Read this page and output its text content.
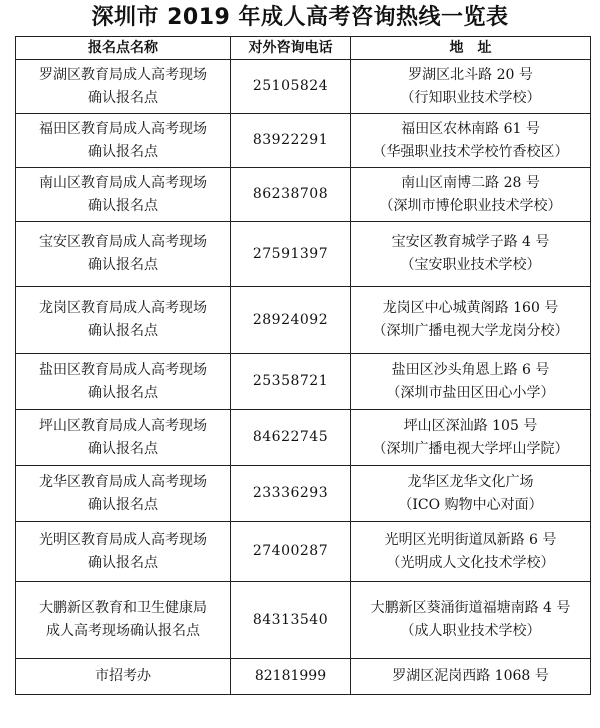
深圳市 2019 年成人高考咨询热线一览表
报名点名称	对外咨询电话	地　址

罗湖区教育局成人高考现场
确认报名点	25105824	罗湖区北斗路 20 号
（行知职业技术学校）

福田区教育局成人高考现场
确认报名点	83922291	福田区农林南路 61 号
（华强职业技术学校竹香校区）

南山区教育局成人高考现场
确认报名点	86238708	南山区南博二路 28 号
（深圳市博伦职业技术学校）

宝安区教育局成人高考现场
确认报名点	27591397	宝安区教育城学子路 4 号
（宝安职业技术学校）

龙岗区教育局成人高考现场
确认报名点	28924092	龙岗区中心城黄阁路 160 号
（深圳广播电视大学龙岗分校）

盐田区教育局成人高考现场
确认报名点	25358721	盐田区沙头角恩上路 6 号
（深圳市盐田区田心小学）

坪山区教育局成人高考现场
确认报名点	84622745	坪山区深汕路 105 号
（深圳广播电视大学坪山学院）

龙华区教育局成人高考现场
确认报名点	23336293	龙华区龙华文化广场
（ICO 购物中心对面）

光明区教育局成人高考现场
确认报名点	27400287	光明区光明街道凤新路 6 号
（光明成人文化技术学校）

大鹏新区教育和卫生健康局
成人高考现场确认报名点	84313540	大鹏新区葵涌街道福塘南路 4 号
（成人职业技术学校）

市招考办	82181999	罗湖区泥岗西路 1068 号
